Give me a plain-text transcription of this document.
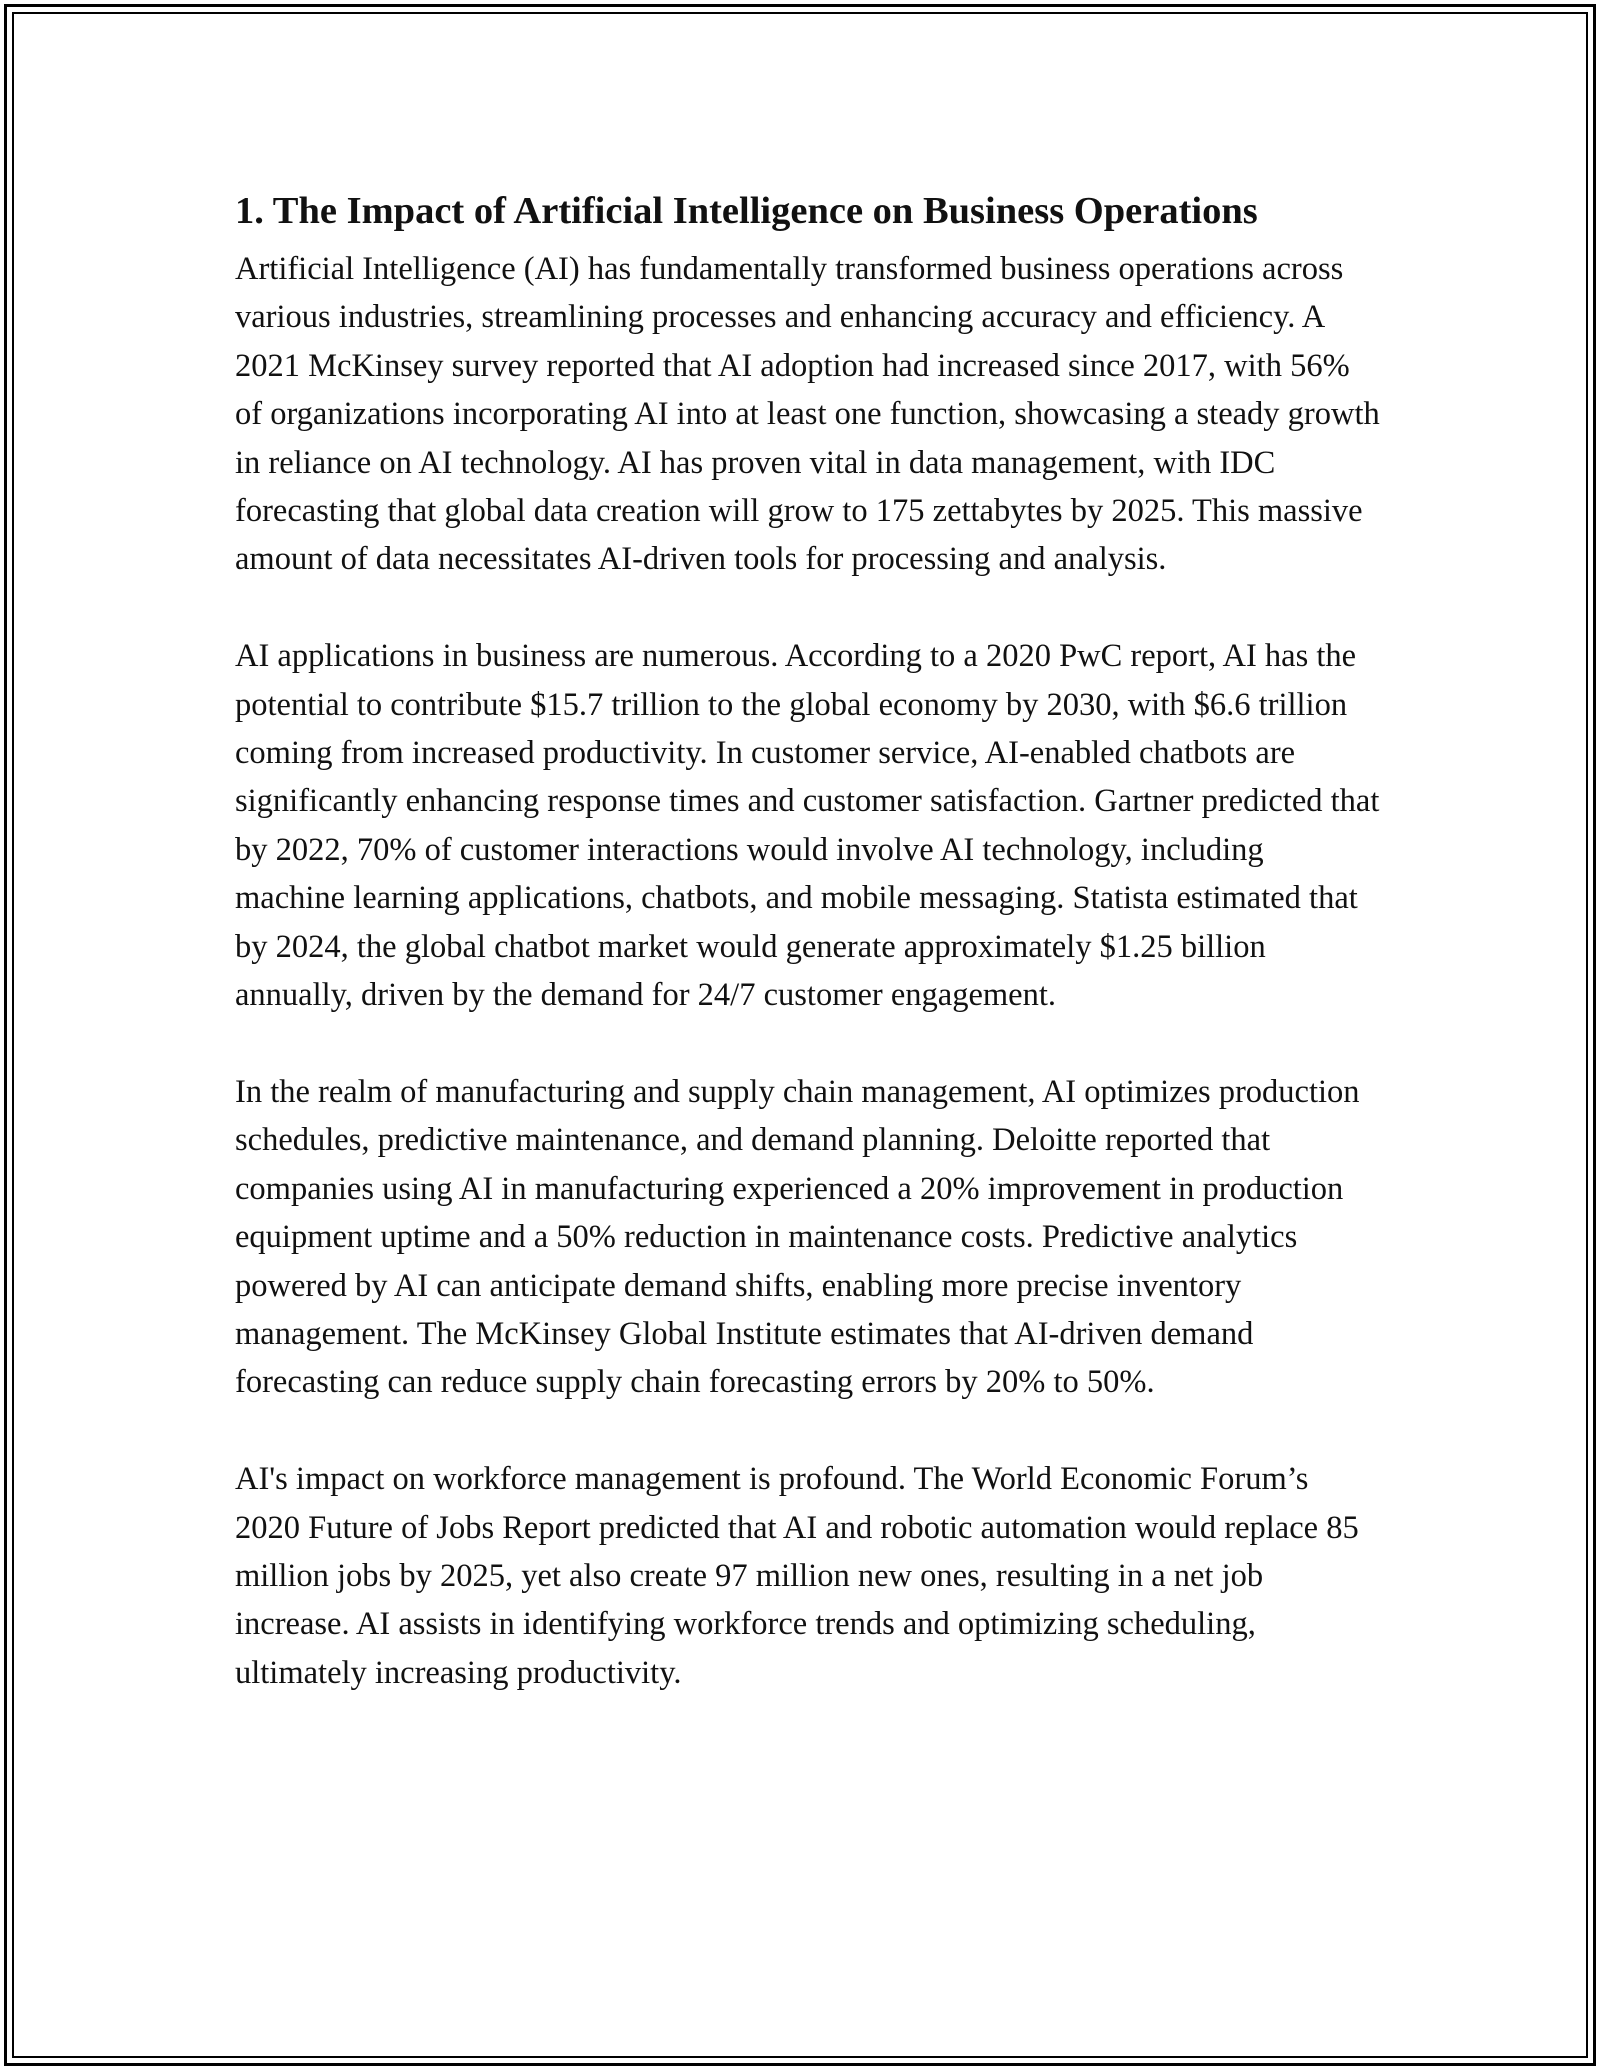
1. The Impact of Artificial Intelligence on Business Operations

Artificial Intelligence (AI) has fundamentally transformed business operations across various industries, streamlining processes and enhancing accuracy and efficiency. A 2021 McKinsey survey reported that AI adoption had increased since 2017, with 56% of organizations incorporating AI into at least one function, showcasing a steady growth in reliance on AI technology. AI has proven vital in data management, with IDC forecasting that global data creation will grow to 175 zettabytes by 2025. This massive amount of data necessitates AI-driven tools for processing and analysis.

AI applications in business are numerous. According to a 2020 PwC report, AI has the potential to contribute $15.7 trillion to the global economy by 2030, with $6.6 trillion coming from increased productivity. In customer service, AI-enabled chatbots are significantly enhancing response times and customer satisfaction. Gartner predicted that by 2022, 70% of customer interactions would involve AI technology, including machine learning applications, chatbots, and mobile messaging. Statista estimated that by 2024, the global chatbot market would generate approximately $1.25 billion annually, driven by the demand for 24/7 customer engagement.

In the realm of manufacturing and supply chain management, AI optimizes production schedules, predictive maintenance, and demand planning. Deloitte reported that companies using AI in manufacturing experienced a 20% improvement in production equipment uptime and a 50% reduction in maintenance costs. Predictive analytics powered by AI can anticipate demand shifts, enabling more precise inventory management. The McKinsey Global Institute estimates that AI-driven demand forecasting can reduce supply chain forecasting errors by 20% to 50%.

AI's impact on workforce management is profound. The World Economic Forum’s 2020 Future of Jobs Report predicted that AI and robotic automation would replace 85 million jobs by 2025, yet also create 97 million new ones, resulting in a net job increase. AI assists in identifying workforce trends and optimizing scheduling, ultimately increasing productivity.
